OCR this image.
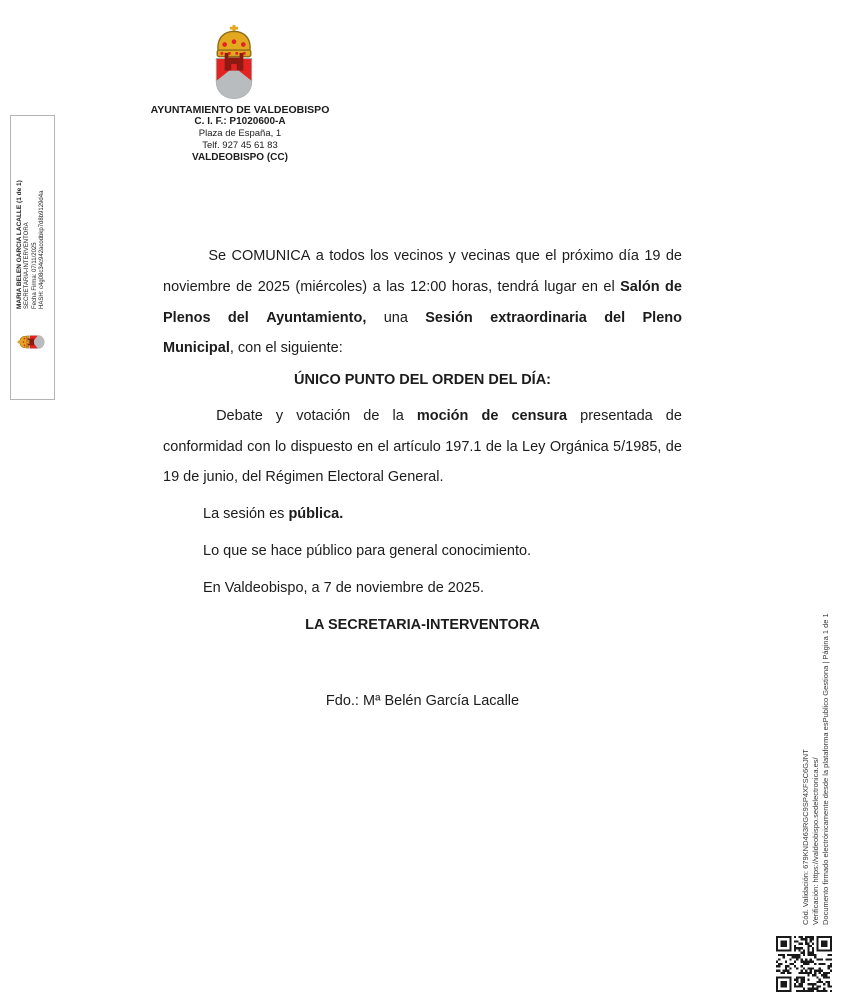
MARIA BELEN GARCIA LACALLE (1 de 1) SECRETARIA-INTERVENTORA Fecha Firma: 07/11/2025 HASH: c4g08c34c942acodbkp7d8b9129d4a
AYUNTAMIENTO DE VALDEOBISPO
C. I. F.: P1020600-A
Plaza de España, 1
Telf. 927 45 61 83
VALDEOBISPO (CC)
Se COMUNICA a todos los vecinos y vecinas que el próximo día 19 de
noviembre de 2025 (miércoles) a las 12:00 horas, tendrá lugar en el Salón de
Plenos del Ayuntamiento, una Sesión extraordinaria del Pleno
Municipal, con el siguiente:
ÚNICO PUNTO DEL ORDEN DEL DÍA:
Debate y votación de la moción de censura presentada de
conformidad con lo dispuesto en el artículo 197.1 de la Ley Orgánica 5/1985, de
19 de junio, del Régimen Electoral General.
La sesión es pública.
Lo que se hace público para general conocimiento.
En Valdeobispo, a 7 de noviembre de 2025.
LA SECRETARIA-INTERVENTORA
Fdo.: Mª Belén García Lacalle
Cód. Validación: 679KND463RGC9SP4XFSC6GJNT Verificación: https://valdeobispo.sedelectronica.es/ Documento firmado electrónicamente desde la plataforma esPublico Gestiona | Página 1 de 1
